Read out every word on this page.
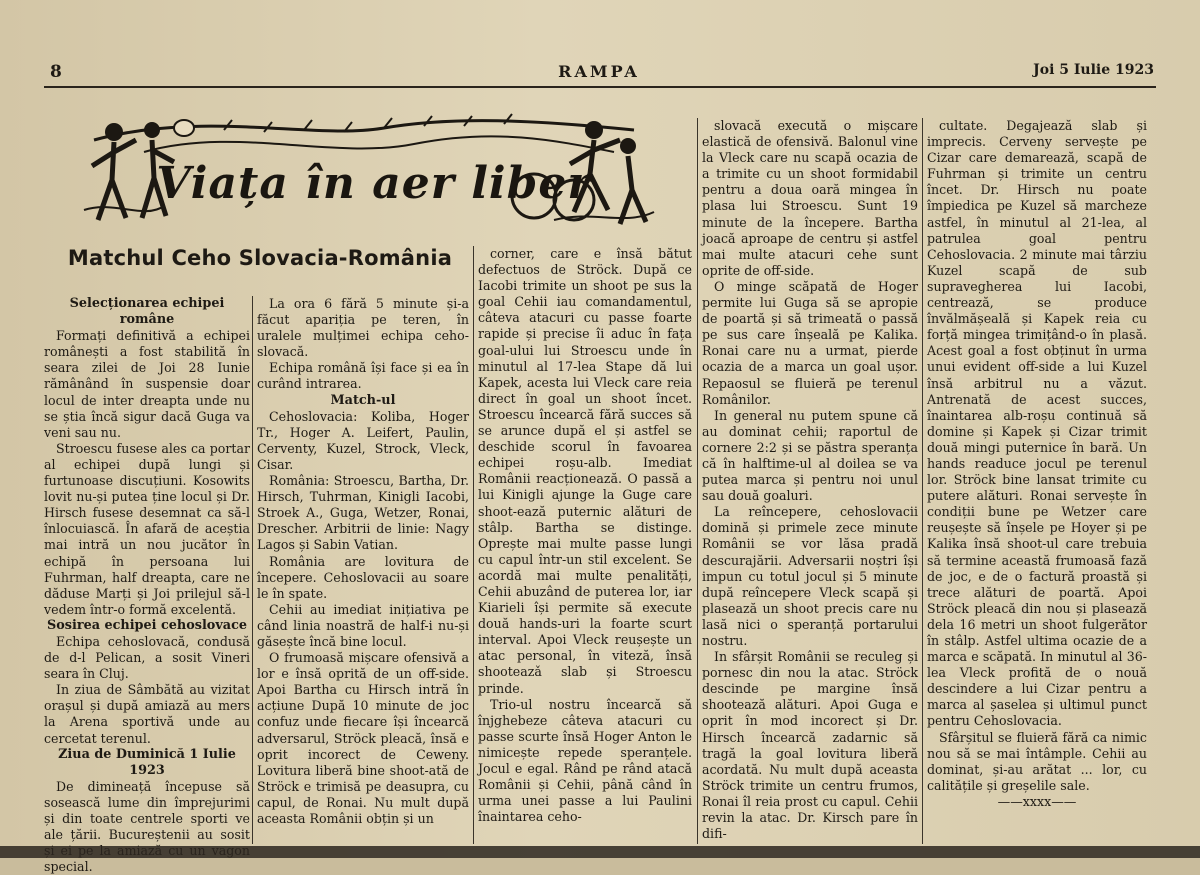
8	RAMPA	Joi 5 Iulie 1923
Viața în aer liber
Matchul Ceho Slovacia-România
Selecționarea echipei române

Formați definitivă a echipei românești a fost stabilită în seara zilei de Joi 28 Iunie rămânând în suspensie doar locul de inter dreapta unde nu se știa încă sigur dacă Guga va veni sau nu.

Stroescu fusese ales ca portar al echipei după lungi și furtunoase discuțiuni. Kosowits lovit nu-și putea ține locul și Dr. Hirsch fusese desemnat ca să-l înlocuiască. În afară de aceștia mai intră un nou jucător în echipă în persoana lui Fuhrman, half dreapta, care ne dăduse Marți și Joi prilejul să-l vedem într-o formă excelentă.

Sosirea echipei cehoslovace

Echipa cehoslovacă, condusă de d-l Pelican, a sosit Vineri seara în Cluj.

In ziua de Sâmbătă au vizitat orașul și după amiază au mers la Arena sportivă unde au cercetat terenul.

Ziua de Duminică 1 Iulie 1923

De dimineață începuse să sosească lume din împrejurimi și din toate centrele sporti ve ale țării. Bucureștenii au sosit special.

La ora 6 fără 5 minute și-a făcut apariția pe teren, în uralele mulțimei echipa ceho-slovacă.

Echipa română își face și ea în curând intrarea.

Match-ul

Cehoslovacia: Koliba, Hoger Tr., Hoger A. Leifert, Paulin, Cerventy, Kuzel, Strock, Vleck, Cisar.

România: Stroescu, Bartha, Dr. Hirsch, Tuhrman, Kinigli Iacobi, Stroek A., Guga, Wetzer, Ronai, Drescher. Arbitrii de linie: Nagy Lagos și Sabin Vatian.

România are lovitura de începere. Cehoslovacii au soare le în spate.

Cehii au imediat inițiativa pe când linia noastră de half-i nu-și găsește încă bine locul.

O frumoasă mișcare ofensivă a lor e însă oprită de un off-side. Apoi Bartha cu Hirsch intră în acțiune După 10 minute de joc confuz unde fiecare își încearcă adversarul, Ströck pleacă, însă e oprit incorect de Ceweny. Lovitura liberă bine shoot-ată de Ströck e trimisă pe deasupra, cu capul, de Ronai. Nu mult după aceasta Românii obțin și un

corner, care e însă bătut defectuos de Ströck. După ce Iacobi trimite un shoot pe sus la goal Cehii iau comandamentul, câteva atacuri cu passe foarte rapide și precise îi aduc în fața goal-ului lui Stroescu unde în minutul al 17-lea Stape dă lui Kapek, acesta lui Vleck care reia direct în goal un shoot încet. Stroescu încearcă fără succes să se arunce după el și astfel se deschide scorul în favoarea echipei roșu-alb. Imediat Românii reacționează. O passă a lui Kinigli ajunge la Guge care shoot-ează puternic alături de stâlp. Bartha se distinge. Oprește mai multe passe lungi cu capul într-un stil excelent. Se acordă mai multe penalități, Cehii abuzând de puterea lor, iar Kiarieli își permite să execute două hands-uri la foarte scurt interval. Apoi Vleck reușește un atac personal, în viteză, însă shooteazǎ slab și Stroescu prinde.

Trio-ul nostru încearcă să înjghebeze câteva atacuri cu passe scurte însă Hoger Anton le nimicește repede speranțele. Jocul e egal. Rând pe rând atacă Românii și Cehii, până când în urma unei passe a lui Paulini înaintarea ceho-

slovacă execută o mișcare elastică de ofensivă. Balonul vine la Vleck care nu scapă ocazia de a trimite cu un shoot formidabil pentru a doua oară mingea în plasa lui Stroescu. Sunt 19 minute de la începere. Bartha joacă aproape de centru și astfel mai multe atacuri cehe sunt oprite de off-side.

O minge scăpată de Hoger permite lui Guga să se apropie de poartă și să trimeată o passă pe sus care înșeală pe Kalika. Ronai care nu a urmat, pierde ocazia de a marca un goal ușor. Repaosul se fluieră pe terenul Românilor.

In general nu putem spune că au dominat cehii; raportul de cornere 2:2 și se păstra speranța că în halftime-ul al doilea se va putea marca și pentru noi unul sau două goaluri.

La reîncepere, cehoslovacii domină și primele zece minute Românii se vor lăsa pradă descurajării. Adversarii noștri își impun cu totul jocul și 5 minute după reîncepere Vleck scapă și plasează un shoot precis care nu lasă nici o speranță portarului nostru.

In sfârșit Românii se reculeg și pornesc din nou la atac. Ströck descinde pe margine însă shootează alături. Apoi Guga e oprit în mod incorect și Dr. Hirsch încearcă zadarnic să tragă la goal lovitura liberă acordată. Nu mult după aceasta Ströck trimite un centru frumos, Ronai îl reia prost cu capul. Cehii revin la atac. Dr. Kirsch pare în difi-

cultate. Degajează slab și imprecis. Cerveny servește pe Cizar care demarează, scapă de Fuhrman și trimite un centru încet. Dr. Hirsch nu poate împiedica pe Kuzel să marcheze astfel, în minutul al 21-lea, al patrulea goal pentru Cehoslovacia. 2 minute mai târziu Kuzel scapă de sub supravegherea lui Iacobi, centrează, se produce învălmășeală și Kapek reia cu forță mingea trimițând-o în plasă. Acest goal a fost obținut în urma unui evident off-side a lui Kuzel însă arbitrul nu a văzut. Antrenată de acest succes, înaintarea alb-roșu continuă să domine și Kapek și Cizar trimit două mingi puternice în bară. Un hands readuce jocul pe terenul lor. Ströck bine lansat trimite cu putere alături. Ronai servește în condiții bune pe Wetzer care reușește să înșele pe Hoyer și pe Kalika însă shoot-ul care trebuia să termine această frumoasă fază de joc, e de o factură proastă și trece alături de poartă. Apoi Ströck pleacă din nou și plasează dela 16 metri un shoot fulgerător în stâlp. Astfel ultima ocazie de a marca e scăpată. In minutul al 36-lea Vleck profită de o nouă descindere a lui Cizar pentru a marca al șaselea și ultimul punct pentru Cehoslovacia.

Sfârșitul se fluieră fără ca nimic nou să se mai întâmple. Cehii au dominat, și-au arătat ... lor, cu calitățile și greșelile sale.

——xxxx——
